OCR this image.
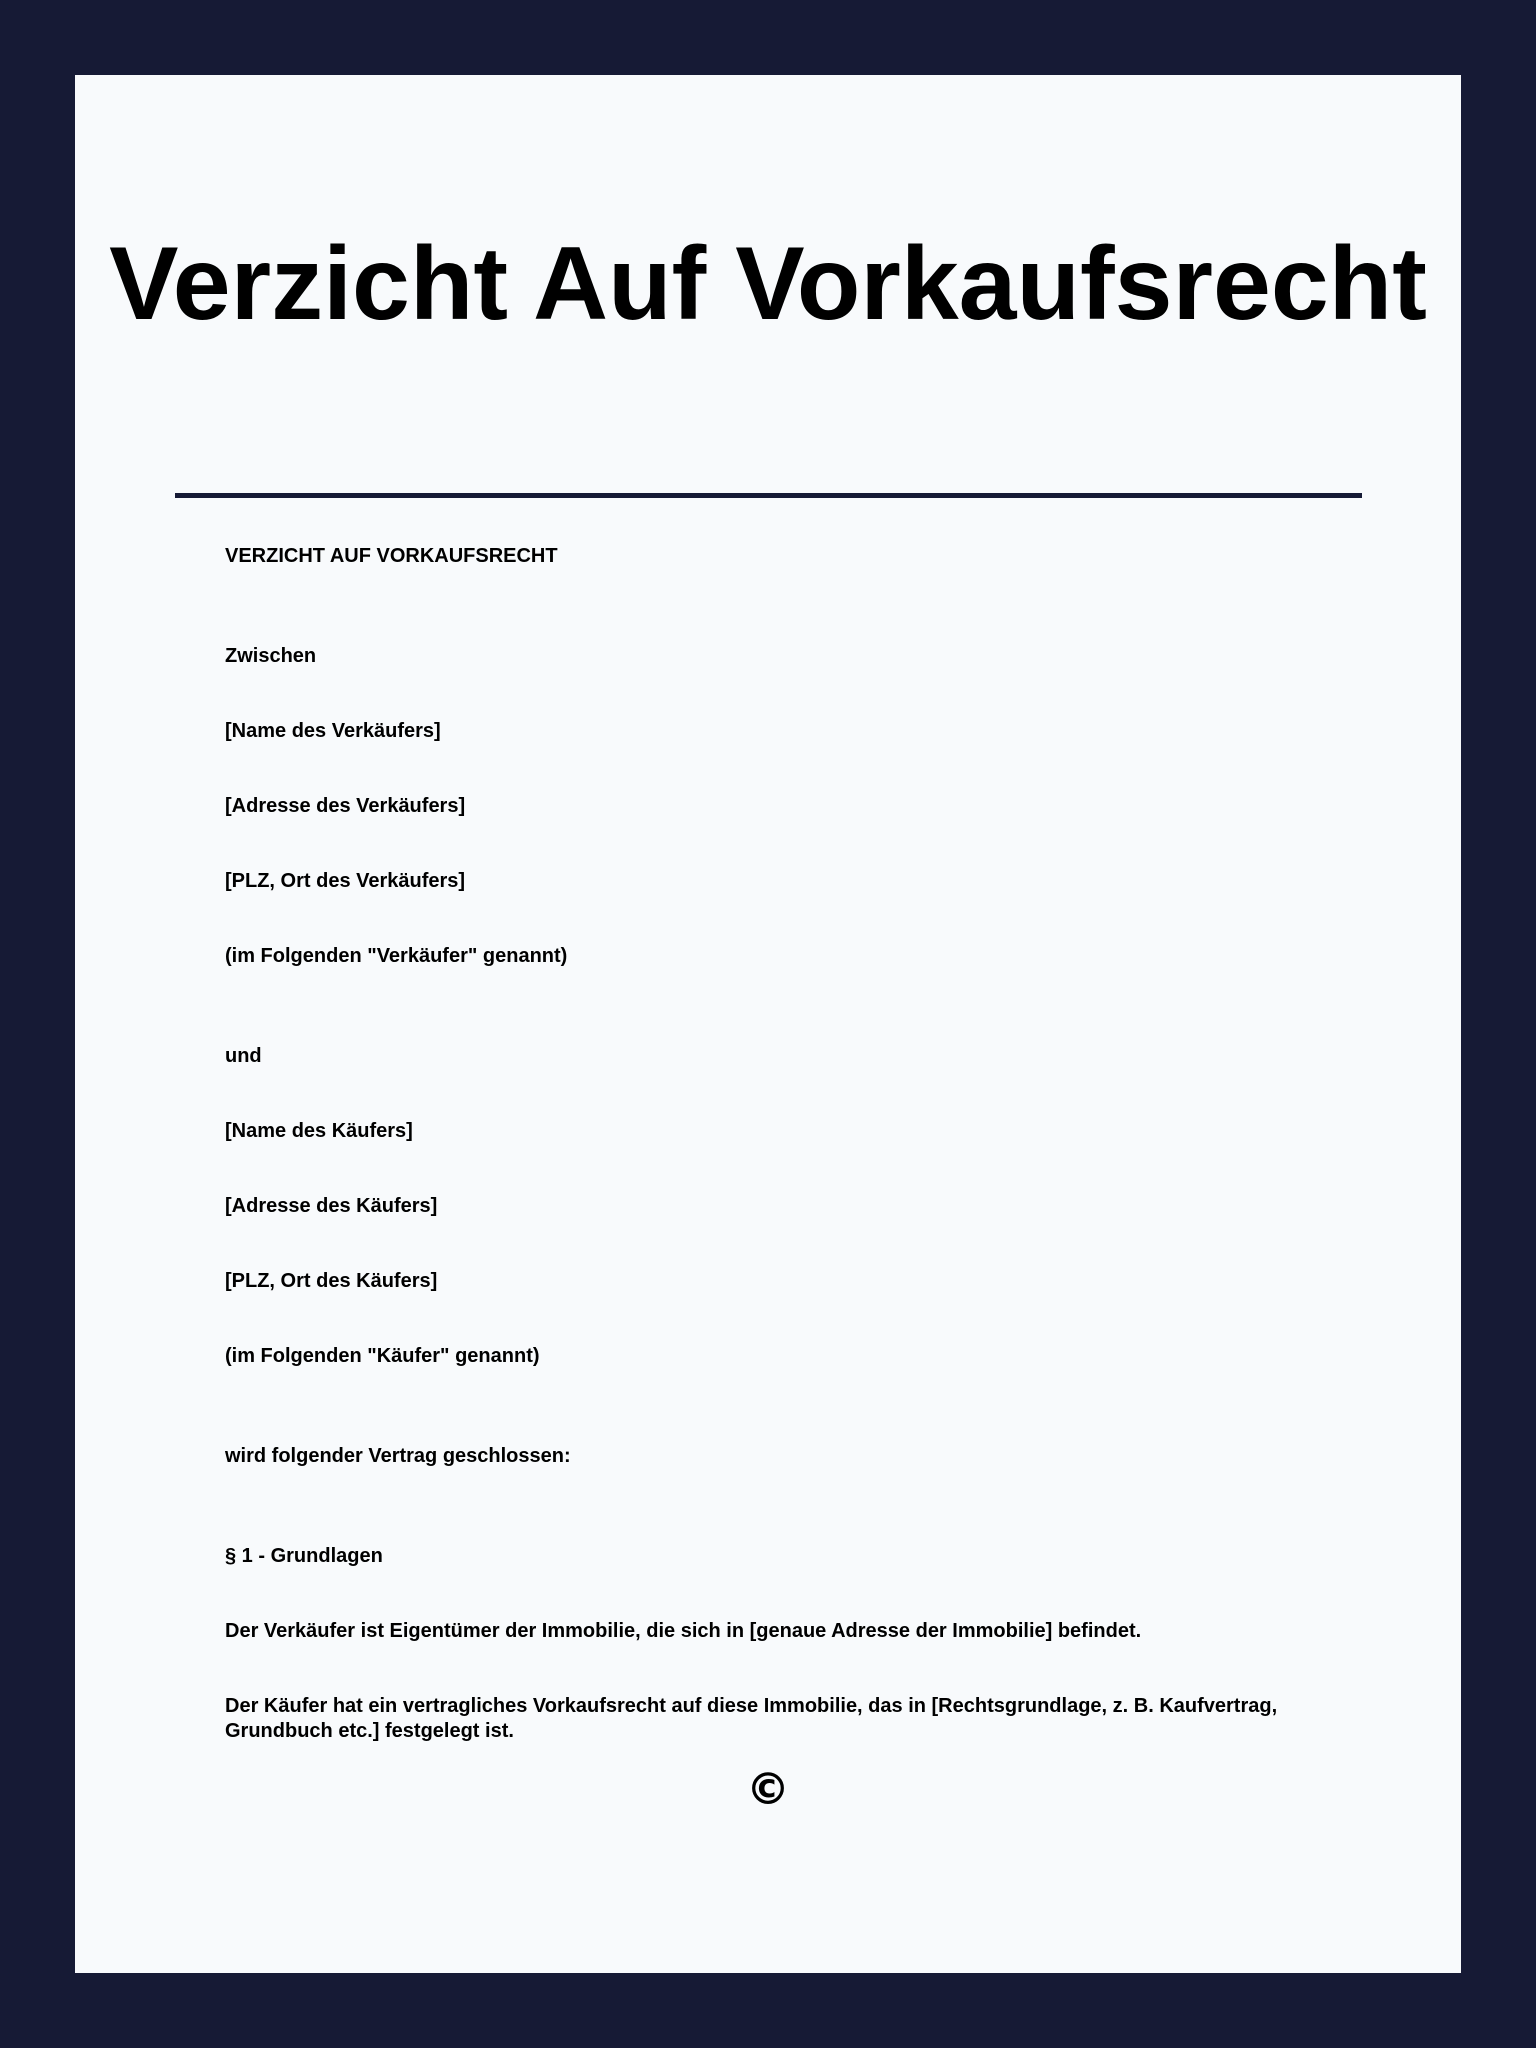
Verzicht Auf Vorkaufsrecht

VERZICHT AUF VORKAUFSRECHT

Zwischen

[Name des Verkäufers]

[Adresse des Verkäufers]

[PLZ, Ort des Verkäufers]

(im Folgenden "Verkäufer" genannt)

und

[Name des Käufers]

[Adresse des Käufers]

[PLZ, Ort des Käufers]

(im Folgenden "Käufer" genannt)

wird folgender Vertrag geschlossen:

§ 1 - Grundlagen

Der Verkäufer ist Eigentümer der Immobilie, die sich in [genaue Adresse der Immobilie] befindet.

Der Käufer hat ein vertragliches Vorkaufsrecht auf diese Immobilie, das in [Rechtsgrundlage, z. B. Kaufvertrag, Grundbuch etc.] festgelegt ist.

©
